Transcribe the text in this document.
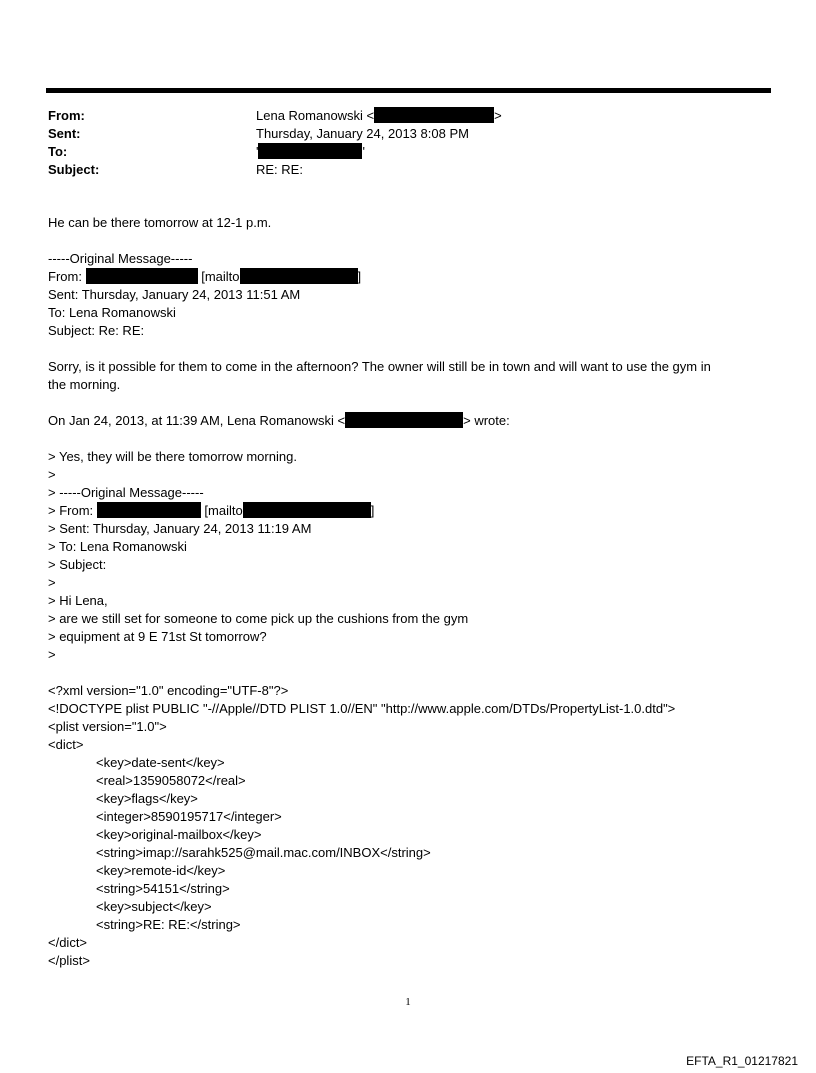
From:	Lena Romanowski <	>
Sent:	Thursday, January 24, 2013 8:08 PM
To:	'	'
Subject:	RE: RE:
He can be there tomorrow at 12-1 p.m.
-----Original Message-----
From:	[mailto	]
Sent: Thursday, January 24, 2013 11:51 AM
To: Lena Romanowski
Subject: Re: RE:
Sorry, is it possible for them to come in the afternoon? The owner will still be in town and will want to use the gym in
the morning.
On Jan 24, 2013, at 11:39 AM, Lena Romanowski <	> wrote:
> Yes, they will be there tomorrow morning.
>
> -----Original Message-----
> From:	[mailto	]
> Sent: Thursday, January 24, 2013 11:19 AM
> To: Lena Romanowski
> Subject:
>
> Hi Lena,
> are we still set for someone to come pick up the cushions from the gym
> equipment at 9 E 71st St tomorrow?
>
<?xml version="1.0" encoding="UTF-8"?>
<!DOCTYPE plist PUBLIC "-//Apple//DTD PLIST 1.0//EN" "http://www.apple.com/DTDs/PropertyList-1.0.dtd">
<plist version="1.0">
<dict>
<key>date-sent</key>
<real>1359058072</real>
<key>flags</key>
<integer>8590195717</integer>
<key>original-mailbox</key>
<string>imap://sarahk525@mail.mac.com/INBOX</string>
<key>remote-id</key>
<string>54151</string>
<key>subject</key>
<string>RE: RE:</string>
</dict>
</plist>
1
EFTA_R1_01217821
